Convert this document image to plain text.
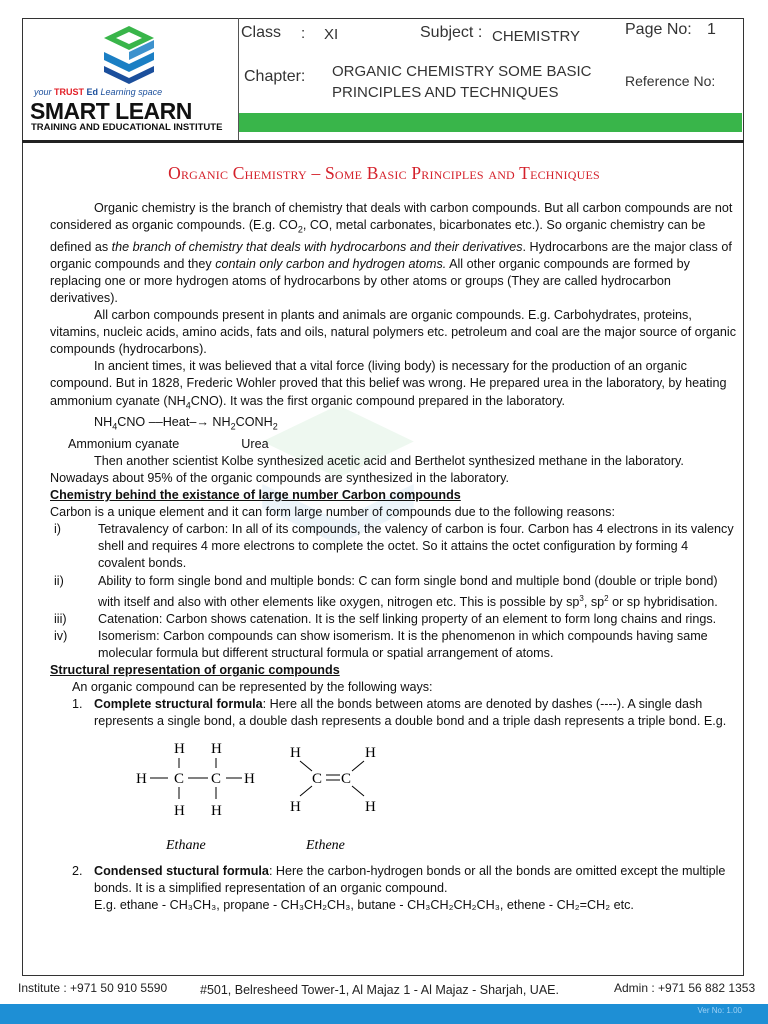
your TRUST Ed Learning space
SMART LEARN
TRAINING AND EDUCATIONAL INSTITUTE
Class : XI	Subject : CHEMISTRY	Page No: 1
Chapter: ORGANIC CHEMISTRY SOME BASIC
PRINCIPLES AND TECHNIQUES
Reference No:
Organic Chemistry – Some Basic Principles and Techniques

Organic chemistry is the branch of chemistry that deals with carbon compounds. But all carbon compounds are not considered as organic compounds. (E.g. $CO_2$, CO, metal carbonates, bicarbonates etc.). So organic chemistry can be defined as the branch of chemistry that deals with hydrocarbons and their derivatives. Hydrocarbons are the major class of organic compounds and they contain only carbon and hydrogen atoms. All other organic compounds are formed by replacing one or more hydrogen atoms of hydrocarbons by other atoms or groups (They are called hydrocarbon derivatives).

All carbon compounds present in plants and animals are organic compounds. E.g. Carbohydrates, proteins, vitamins, nucleic acids, amino acids, fats and oils, natural polymers etc. petroleum and coal are the major source of organic compounds (hydrocarbons).

In ancient times, it was believed that a vital force (living body) is necessary for the production of an organic compound. But in 1828, Frederic Wohler proved that this belief was wrong. He prepared urea in the laboratory, by heating ammonium cyanate $(NH_4CNO)$. It was the first organic compound prepared in the laboratory.

$NH_4CNO$ ––Heat–→ $NH_2CONH_2$

Ammonium cyanate	Urea

Then another scientist Kolbe synthesized acetic acid and Berthelot synthesized methane in the laboratory. Nowadays about 95% of the organic compounds are synthesized in the laboratory.

Chemistry behind the existance of large number Carbon compounds

Carbon is a unique element and it can form large number of compounds due to the following reasons:

i)	Tetravalency of carbon: In all of its compounds, the valency of carbon is four. Carbon has 4 electrons in its valency shell and requires 4 more electrons to complete the octet. So it attains the octet configuration by forming 4 covalent bonds.
ii)	Ability to form single bond and multiple bonds: C can form single bond and multiple bond (double or triple bond) with itself and also with other elements like oxygen, nitrogen etc. This is possible by $sp^3$, $sp^2$ or sp hybridisation.
iii) Catenation: Carbon shows catenation. It is the self linking property of an element to form long chains and rings.
iv) Isomerism: Carbon compounds can show isomerism. It is the phenomenon in which compounds having same molecular formula but different structural formula or spatial arrangement of atoms.

Structural representation of organic compounds

An organic compound can be represented by the following ways:

1. Complete structural formula: Here all the bonds between atoms are denoted by dashes (----). A single dash represents a single bond, a double dash represents a double bond and a triple dash represents a triple bond. E.g.
H H
H C C H
H H
Ethane
H	H
C C
H	H
Ethene
2. Condensed stuctural formula: Here the carbon-hydrogen bonds or all the bonds are omitted except the multiple bonds. It is a simplified representation of an organic compound.
E.g. ethane - CH₃CH₃, propane - CH₃CH₂CH₃, butane - CH₃CH₂CH₂CH₃, ethene - CH₂=CH₂ etc.
Institute : +971 50 910 5590	#501, Belresheed Tower-1, Al Majaz 1 - Al Majaz - Sharjah, UAE.	Admin : +971 56 882 1353
Ver No: 1.00
